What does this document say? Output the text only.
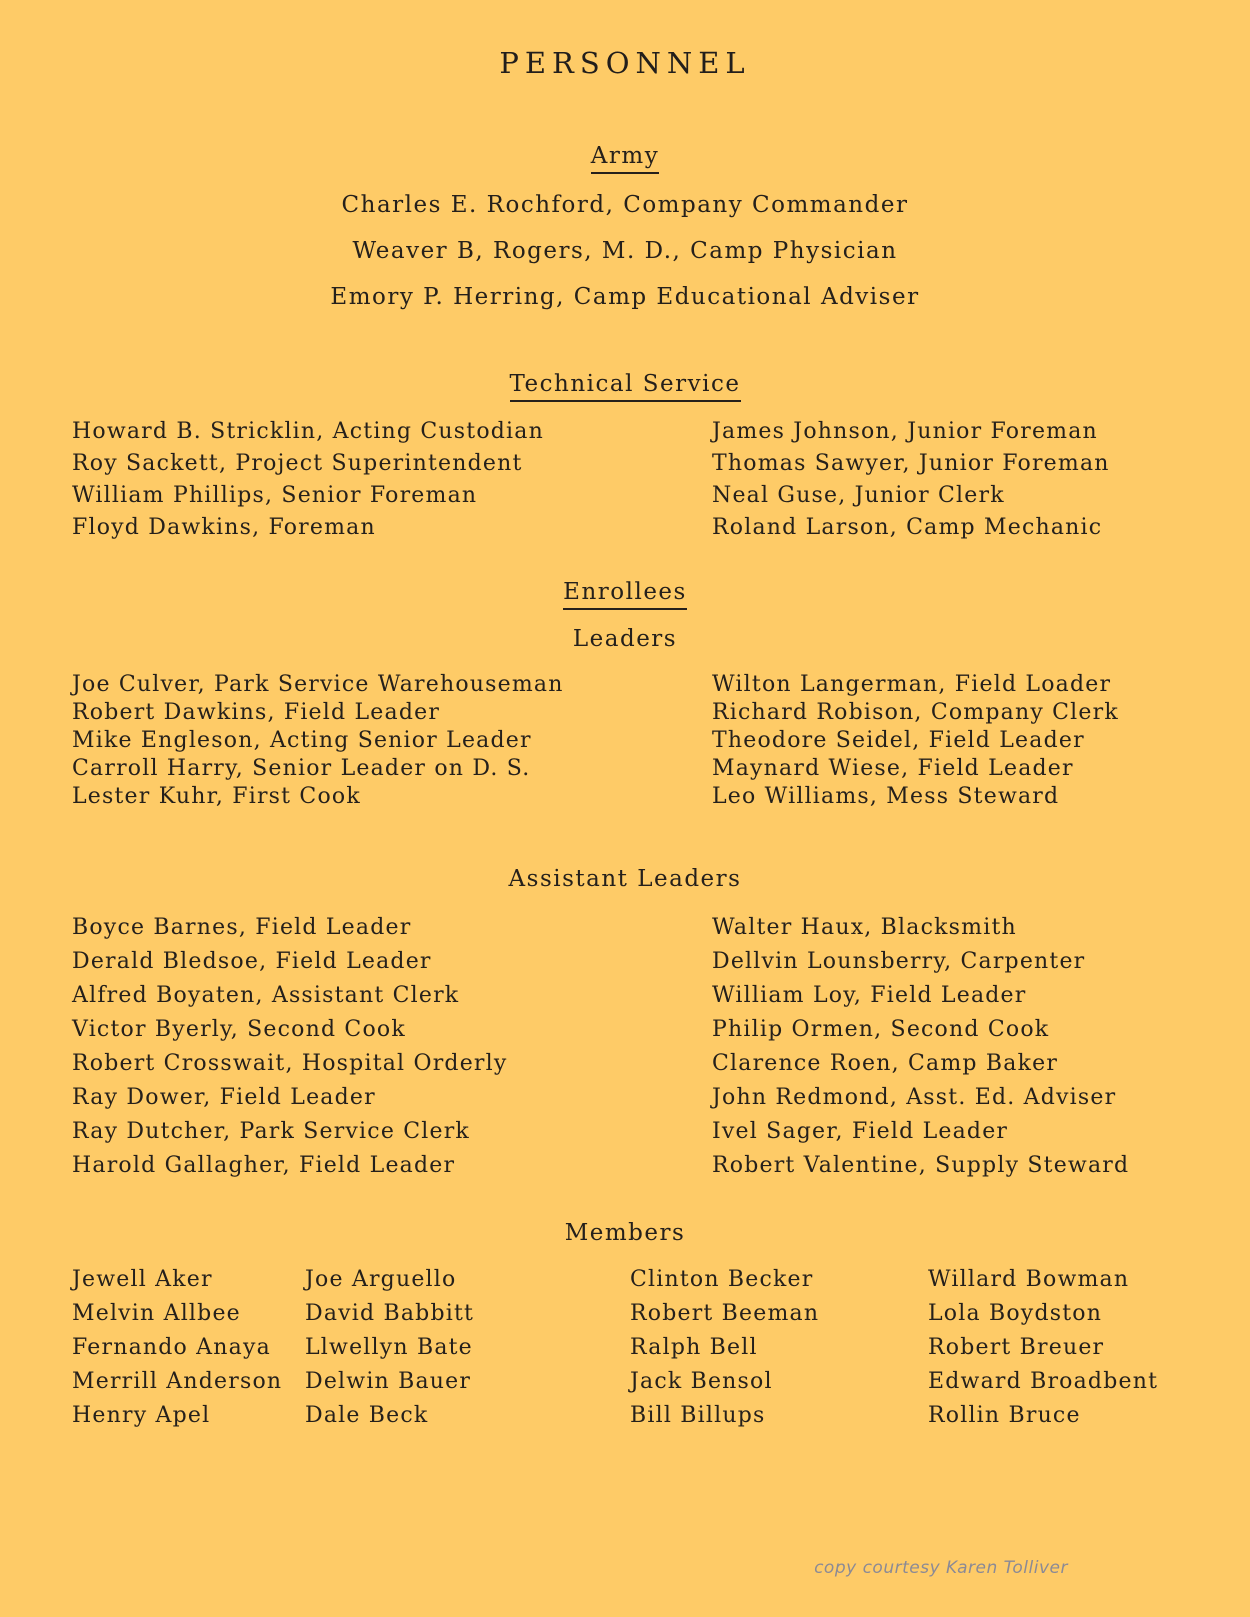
PERSONNEL
Army
Charles E. Rochford, Company Commander
Weaver B, Rogers, M. D., Camp Physician
Emory P. Herring, Camp Educational Adviser
Technical Service
Howard B. Stricklin, Acting Custodian
Roy Sackett, Project Superintendent
William Phillips, Senior Foreman
Floyd Dawkins, Foreman
James Johnson, Junior Foreman
Thomas Sawyer, Junior Foreman
Neal Guse, Junior Clerk
Roland Larson, Camp Mechanic
Enrollees
Leaders
Joe Culver, Park Service Warehouseman
Robert Dawkins, Field Leader
Mike Engleson, Acting Senior Leader
Carroll Harry, Senior Leader on D. S.
Lester Kuhr, First Cook
Wilton Langerman, Field Loader
Richard Robison, Company Clerk
Theodore Seidel, Field Leader
Maynard Wiese, Field Leader
Leo Williams, Mess Steward
Assistant Leaders
Boyce Barnes, Field Leader
Derald Bledsoe, Field Leader
Alfred Boyaten, Assistant Clerk
Victor Byerly, Second Cook
Robert Crosswait, Hospital Orderly
Ray Dower, Field Leader
Ray Dutcher, Park Service Clerk
Harold Gallagher, Field Leader
Walter Haux, Blacksmith
Dellvin Lounsberry, Carpenter
William Loy, Field Leader
Philip Ormen, Second Cook
Clarence Roen, Camp Baker
John Redmond, Asst. Ed. Adviser
Ivel Sager, Field Leader
Robert Valentine, Supply Steward
Members
Jewell Aker
Melvin Allbee
Fernando Anaya
Merrill Anderson
Henry Apel
Joe Arguello
David Babbitt
Llwellyn Bate
Delwin Bauer
Dale Beck
Clinton Becker
Robert Beeman
Ralph Bell
Jack Bensol
Bill Billups
Willard Bowman
Lola Boydston
Robert Breuer
Edward Broadbent
Rollin Bruce
copy courtesy Karen Tolliver
